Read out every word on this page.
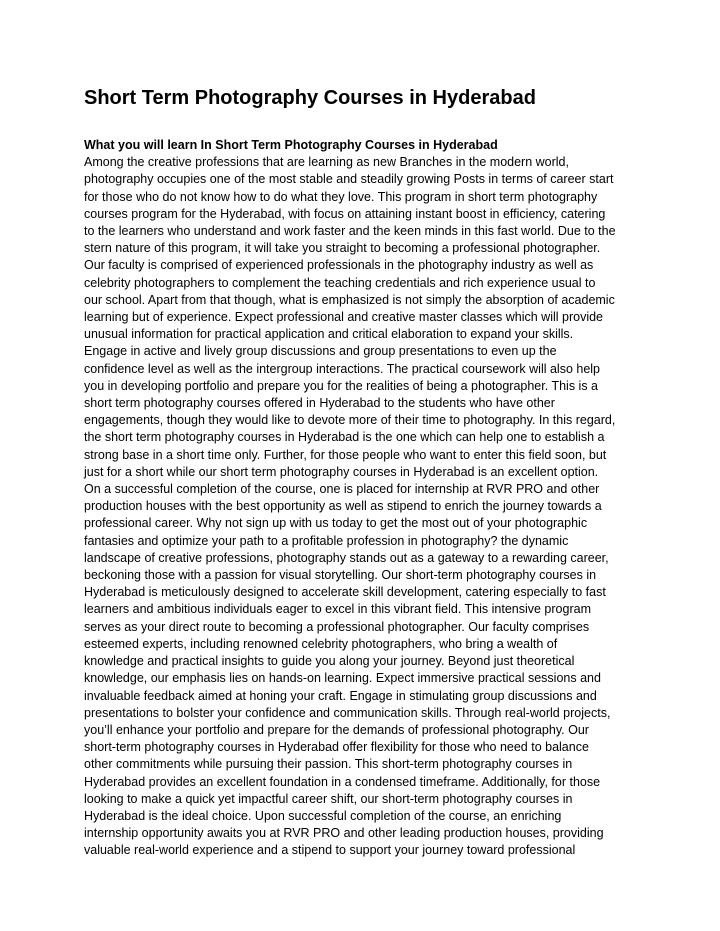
Short Term Photography Courses in Hyderabad
What you will learn In Short Term Photography Courses in Hyderabad
Among the creative professions that are learning as new Branches in the modern world,
photography occupies one of the most stable and steadily growing Posts in terms of career start
for those who do not know how to do what they love. This program in short term photography
courses program for the Hyderabad, with focus on attaining instant boost in efficiency, catering
to the learners who understand and work faster and the keen minds in this fast world. Due to the
stern nature of this program, it will take you straight to becoming a professional photographer.
Our faculty is comprised of experienced professionals in the photography industry as well as
celebrity photographers to complement the teaching credentials and rich experience usual to
our school. Apart from that though, what is emphasized is not simply the absorption of academic
learning but of experience. Expect professional and creative master classes which will provide
unusual information for practical application and critical elaboration to expand your skills.
Engage in active and lively group discussions and group presentations to even up the
confidence level as well as the intergroup interactions. The practical coursework will also help
you in developing portfolio and prepare you for the realities of being a photographer. This is a
short term photography courses offered in Hyderabad to the students who have other
engagements, though they would like to devote more of their time to photography. In this regard,
the short term photography courses in Hyderabad is the one which can help one to establish a
strong base in a short time only. Further, for those people who want to enter this field soon, but
just for a short while our short term photography courses in Hyderabad is an excellent option.
On a successful completion of the course, one is placed for internship at RVR PRO and other
production houses with the best opportunity as well as stipend to enrich the journey towards a
professional career. Why not sign up with us today to get the most out of your photographic
fantasies and optimize your path to a profitable profession in photography? the dynamic
landscape of creative professions, photography stands out as a gateway to a rewarding career,
beckoning those with a passion for visual storytelling. Our short-term photography courses in
Hyderabad is meticulously designed to accelerate skill development, catering especially to fast
learners and ambitious individuals eager to excel in this vibrant field. This intensive program
serves as your direct route to becoming a professional photographer. Our faculty comprises
esteemed experts, including renowned celebrity photographers, who bring a wealth of
knowledge and practical insights to guide you along your journey. Beyond just theoretical
knowledge, our emphasis lies on hands-on learning. Expect immersive practical sessions and
invaluable feedback aimed at honing your craft. Engage in stimulating group discussions and
presentations to bolster your confidence and communication skills. Through real-world projects,
you’ll enhance your portfolio and prepare for the demands of professional photography. Our
short-term photography courses in Hyderabad offer flexibility for those who need to balance
other commitments while pursuing their passion. This short-term photography courses in
Hyderabad provides an excellent foundation in a condensed timeframe. Additionally, for those
looking to make a quick yet impactful career shift, our short-term photography courses in
Hyderabad is the ideal choice. Upon successful completion of the course, an enriching
internship opportunity awaits you at RVR PRO and other leading production houses, providing
valuable real-world experience and a stipend to support your journey toward professional
